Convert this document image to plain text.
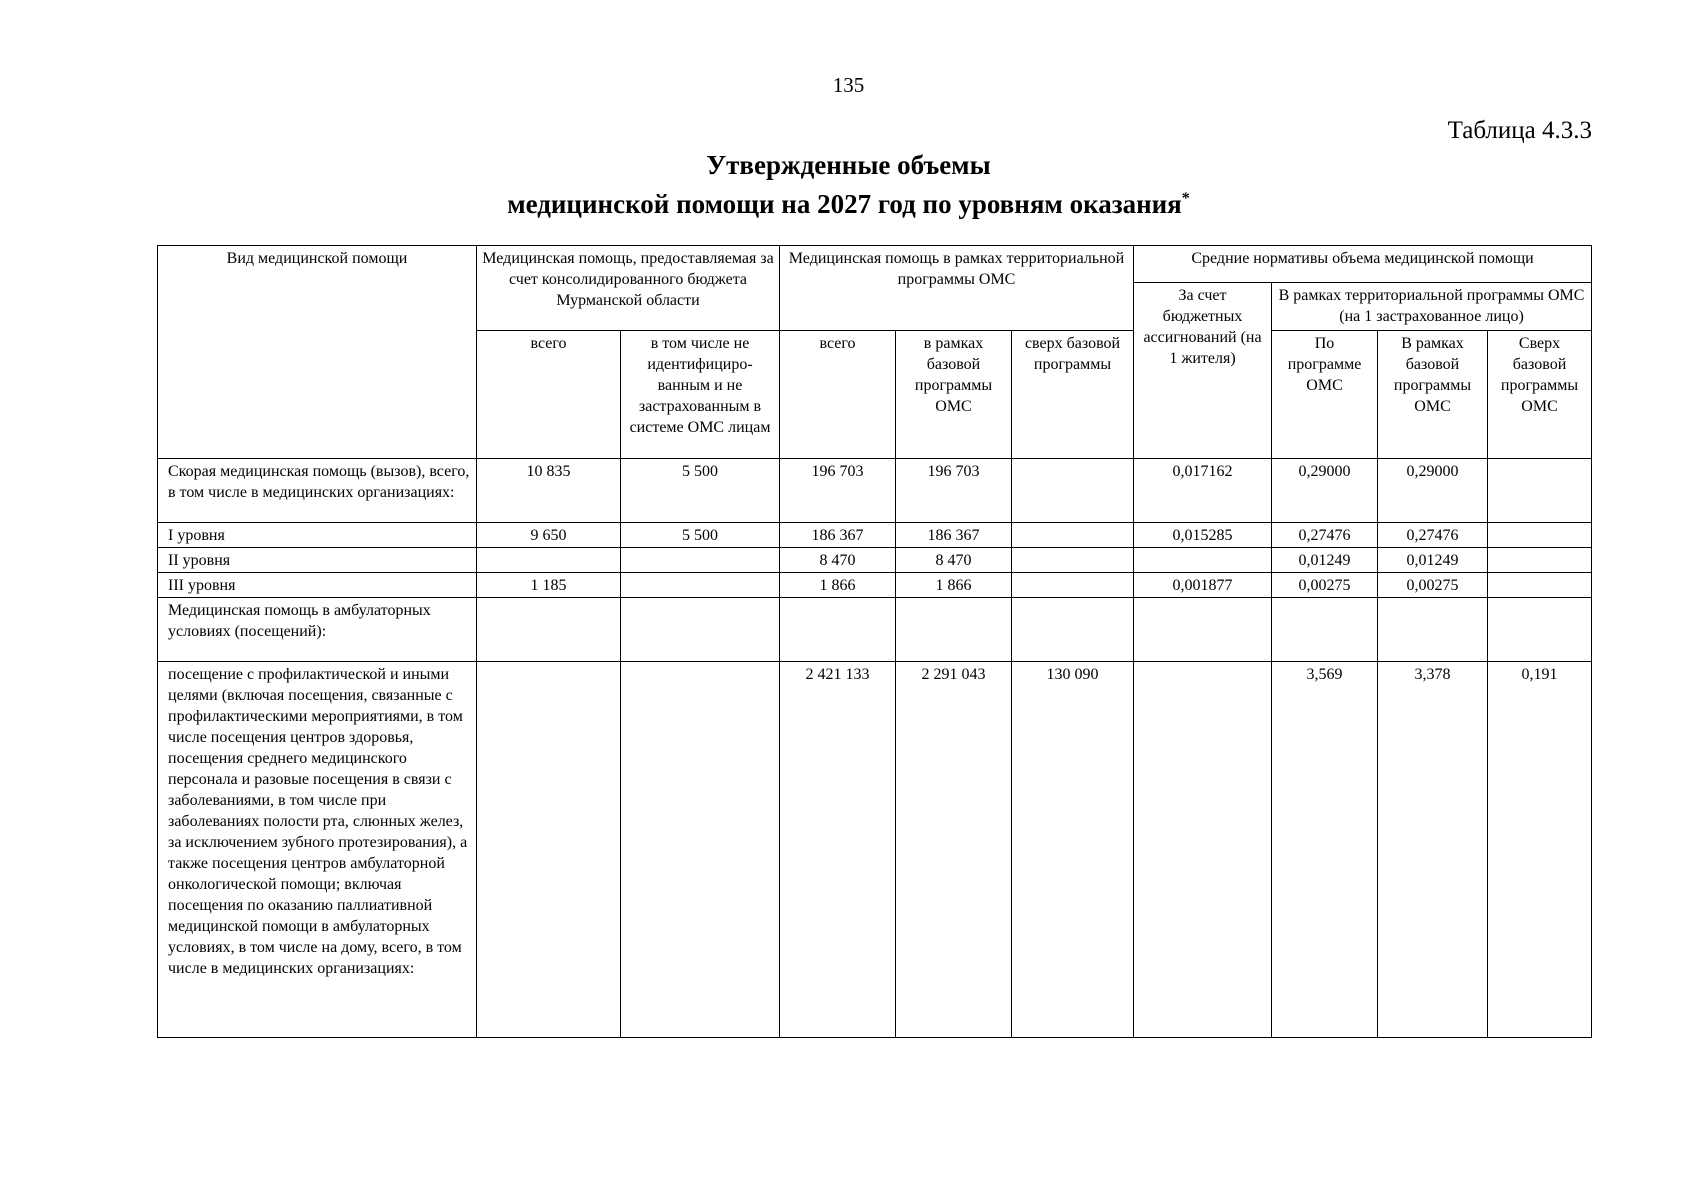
135
Таблица 4.3.3
Утвержденные объемы
медицинской помощи на 2027 год по уровням оказания*
Вид медицинской помощи	Медицинская помощь, предоставляемая за счет консолидированного бюджета Мурманской области		Медицинская помощь в рамках территориальной программы ОМС			Средние нормативы объема медицинской помощи			
						За счет бюджетных ассигнований (на 1 жителя)	В рамках территориальной программы ОМС (на 1 застрахованное лицо)		
	всего	в том числе не идентифициро-ванным и не застрахованным в системе ОМС лицам	всего	в рамках базовой программы ОМС	сверх базовой программы		По программе ОМС	В рамках базовой программы ОМС	Сверх базовой программы ОМС
Скорая медицинская помощь (вызов), всего, в том числе в медицинских организациях:	10 835	5 500	196 703	196 703		0,017162	0,29000	0,29000	
I уровня	9 650	5 500	186 367	186 367		0,015285	0,27476	0,27476	
II уровня			8 470	8 470			0,01249	0,01249	
III уровня	1 185		1 866	1 866		0,001877	0,00275	0,00275	
Медицинская помощь в амбулаторных условиях (посещений):									
посещение с профилактической и иными целями (включая посещения, связанные с профилактическими мероприятиями, в том числе посещения центров здоровья, посещения среднего медицинского персонала и разовые посещения в связи с заболеваниями, в том числе при заболеваниях полости рта, слюнных желез, за исключением зубного протезирования), а также посещения центров амбулаторной онкологической помощи; включая посещения по оказанию паллиативной медицинской помощи в амбулаторных условиях, в том числе на дому, всего, в том числе в медицинских организациях:			2 421 133	2 291 043	130 090		3,569	3,378	0,191
